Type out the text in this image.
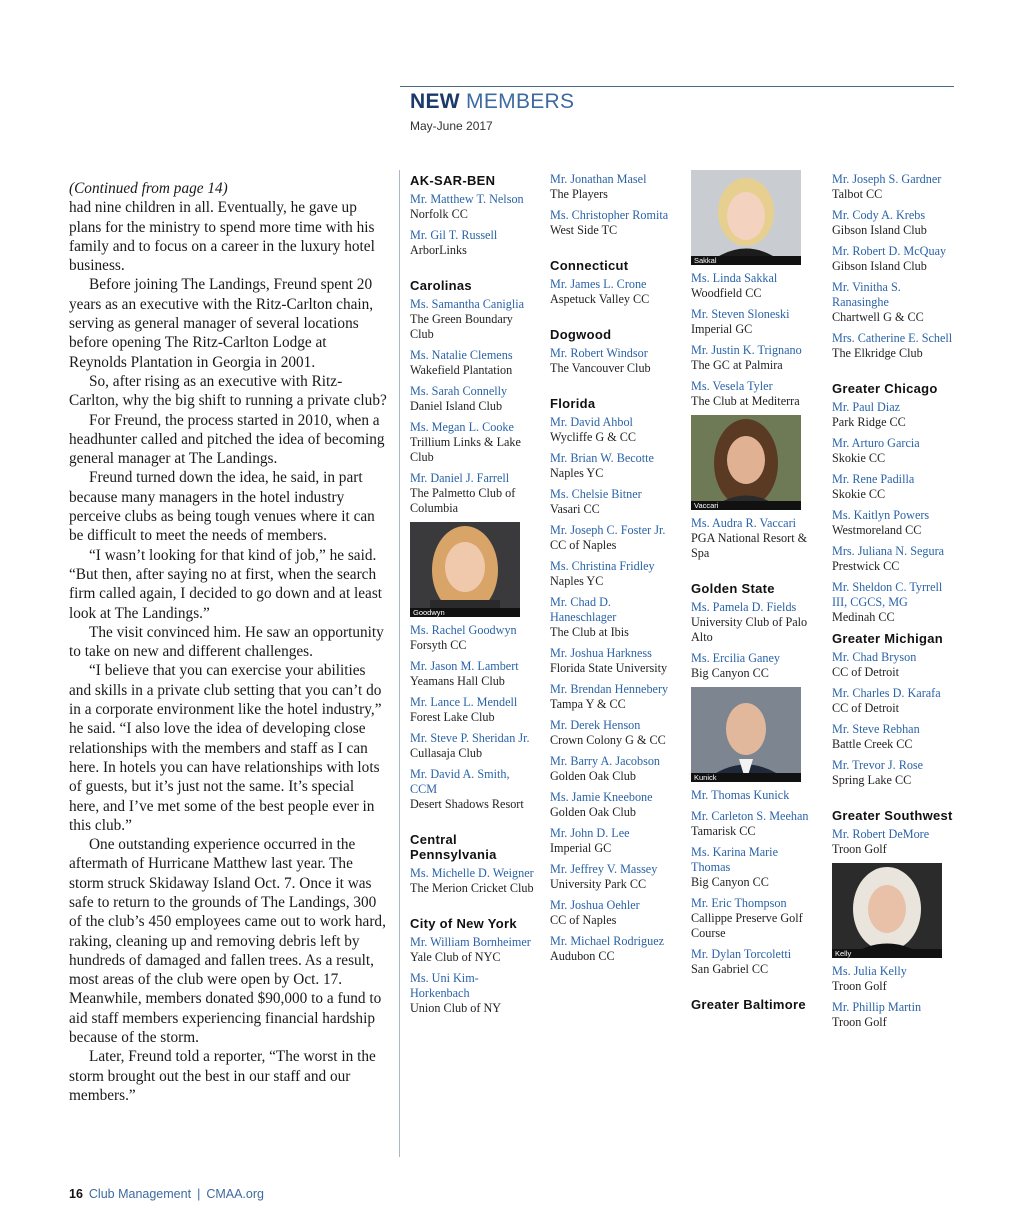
NEW MEMBERS
May-June 2017

(Continued from page 14)

had nine children in all. Eventually, he gave up plans for the ministry to spend more time with his family and to focus on a career in the luxury hotel business.

Before joining The Landings, Freund spent 20 years as an executive with the Ritz-Carlton chain, serving as general manager of several locations before opening The Ritz-Carlton Lodge at Reynolds Plantation in Georgia in 2001.

So, after rising as an executive with Ritz-Carlton, why the big shift to running a private club?

For Freund, the process started in 2010, when a headhunter called and pitched the idea of becoming general manager at The Landings.

Freund turned down the idea, he said, in part because many managers in the hotel industry perceive clubs as being tough venues where it can be difficult to meet the needs of members.

“I wasn’t looking for that kind of job,” he said. “But then, after saying no at first, when the search firm called again, I decided to go down and at least look at The Landings.”

The visit convinced him. He saw an opportunity to take on new and different challenges.

“I believe that you can exercise your abilities and skills in a private club setting that you can’t do in a corporate environment like the hotel industry,” he said. “I also love the idea of developing close relationships with the members and staff as I can here. In hotels you can have relationships with lots of guests, but it’s just not the same. It’s special here, and I’ve met some of the best people ever in this club.”

One outstanding experience occurred in the aftermath of Hurricane Matthew last year. The storm struck Skidaway Island Oct. 7. Once it was safe to return to the grounds of The Landings, 300 of the club’s 450 employees came out to work hard, raking, cleaning up and removing debris left by hundreds of damaged and fallen trees. As a result, most areas of the club were open by Oct. 17. Meanwhile, members donated $90,000 to a fund to aid staff members experiencing financial hardship because of the storm.

Later, Freund told a reporter, “The worst in the storm brought out the best in our staff and our members.”

AK-SAR-BEN
Mr. Matthew T. Nelson
Norfolk CC
Mr. Gil T. Russell
ArborLinks
Carolinas
Ms. Samantha Caniglia
The Green Boundary Club
Ms. Natalie Clemens
Wakefield Plantation
Ms. Sarah Connelly
Daniel Island Club
Ms. Megan L. Cooke
Trillium Links & Lake Club
Mr. Daniel J. Farrell
The Palmetto Club of Columbia
Goodwyn
Ms. Rachel Goodwyn
Forsyth CC
Mr. Jason M. Lambert
Yeamans Hall Club
Mr. Lance L. Mendell
Forest Lake Club
Mr. Steve P. Sheridan Jr.
Cullasaja Club
Mr. David A. Smith, CCM
Desert Shadows Resort
Central Pennsylvania
Ms. Michelle D. Weigner
The Merion Cricket Club
City of New York
Mr. William Bornheimer
Yale Club of NYC
Ms. Uni Kim-Horkenbach
Union Club of NY
Mr. Jonathan Masel
The Players
Ms. Christopher Romita
West Side TC
Connecticut
Mr. James L. Crone
Aspetuck Valley CC
Dogwood
Mr. Robert Windsor
The Vancouver Club
Florida
Mr. David Ahbol
Wycliffe G & CC
Mr. Brian W. Becotte
Naples YC
Ms. Chelsie Bitner
Vasari CC
Mr. Joseph C. Foster Jr.
CC of Naples
Ms. Christina Fridley
Naples YC
Mr. Chad D. Haneschlager
The Club at Ibis
Mr. Joshua Harkness
Florida State University
Mr. Brendan Hennebery
Tampa Y & CC
Mr. Derek Henson
Crown Colony G & CC
Mr. Barry A. Jacobson
Golden Oak Club
Ms. Jamie Kneebone
Golden Oak Club
Mr. John D. Lee
Imperial GC
Mr. Jeffrey V. Massey
University Park CC
Mr. Joshua Oehler
CC of Naples
Mr. Michael Rodriguez
Audubon CC
Sakkal
Ms. Linda Sakkal
Woodfield CC
Mr. Steven Sloneski
Imperial GC
Mr. Justin K. Trignano
The GC at Palmira
Ms. Vesela Tyler
The Club at Mediterra
Vaccari
Ms. Audra R. Vaccari
PGA National Resort & Spa
Golden State
Ms. Pamela D. Fields
University Club of Palo Alto
Ms. Ercilia Ganey
Big Canyon CC
Kunick
Mr. Thomas Kunick
Mr. Carleton S. Meehan
Tamarisk CC
Ms. Karina Marie Thomas
Big Canyon CC
Mr. Eric Thompson
Callippe Preserve Golf Course
Mr. Dylan Torcoletti
San Gabriel CC
Greater Baltimore
Mr. Joseph S. Gardner
Talbot CC
Mr. Cody A. Krebs
Gibson Island Club
Mr. Robert D. McQuay
Gibson Island Club
Mr. Vinitha S. Ranasinghe
Chartwell G & CC
Mrs. Catherine E. Schell
The Elkridge Club
Greater Chicago
Mr. Paul Diaz
Park Ridge CC
Mr. Arturo Garcia
Skokie CC
Mr. Rene Padilla
Skokie CC
Ms. Kaitlyn Powers
Westmoreland CC
Mrs. Juliana N. Segura
Prestwick CC
Mr. Sheldon C. Tyrrell III, CGCS, MG
Medinah CC
Greater Michigan
Mr. Chad Bryson
CC of Detroit
Mr. Charles D. Karafa
CC of Detroit
Mr. Steve Rebhan
Battle Creek CC
Mr. Trevor J. Rose
Spring Lake CC
Greater Southwest
Mr. Robert DeMore
Troon Golf
Kelly
Ms. Julia Kelly
Troon Golf
Mr. Phillip Martin
Troon Golf
16 Club Management | CMAA.org
